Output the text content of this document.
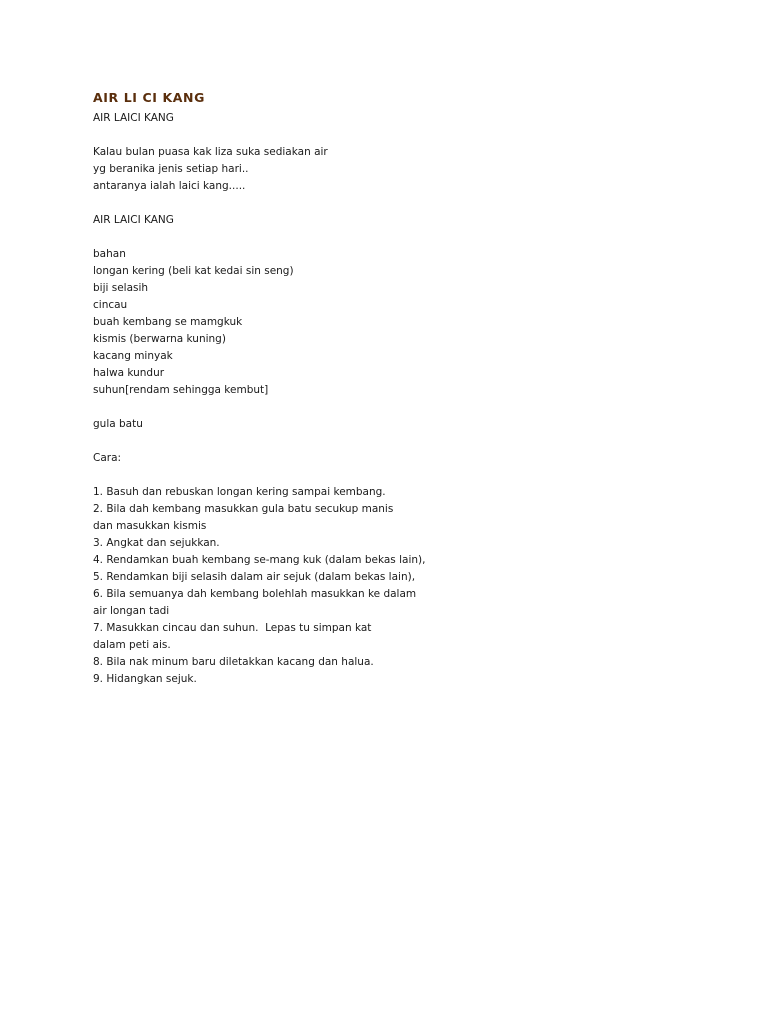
AIR LI CI KANG

AIR LAICI KANG

Kalau bulan puasa kak liza suka sediakan air

yg beranika jenis setiap hari..

antaranya ialah laici kang.....

AIR LAICI KANG

bahan

longan kering (beli kat kedai sin seng)

biji selasih

cincau

buah kembang se mamgkuk

kismis (berwarna kuning)

kacang minyak

halwa kundur

suhun[rendam sehingga kembut]

gula batu

Cara:

1. Basuh dan rebuskan longan kering sampai kembang.

2. Bila dah kembang masukkan gula batu secukup manis

dan masukkan kismis

3. Angkat dan sejukkan.

4. Rendamkan buah kembang se-mang kuk (dalam bekas lain),

5. Rendamkan biji selasih dalam air sejuk (dalam bekas lain),

6. Bila semuanya dah kembang bolehlah masukkan ke dalam

air longan tadi

7. Masukkan cincau dan suhun.  Lepas tu simpan kat

dalam peti ais.

8. Bila nak minum baru diletakkan kacang dan halua.

9. Hidangkan sejuk.
